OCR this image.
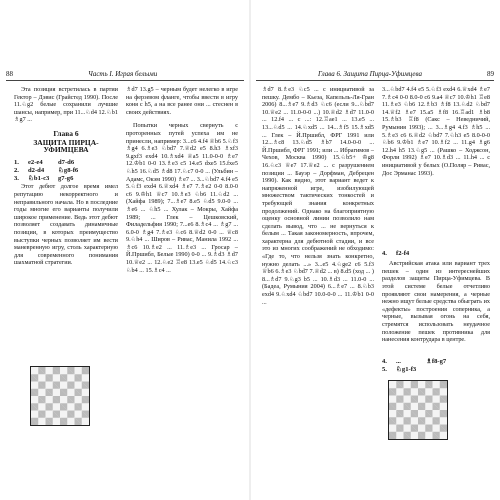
88	Часть I. Играя белыми

Эта позиция встретилась в партии Гектор – Дэвис (Грайстед 1990). После 11.♘g2 белые сохранили лучшие шансы, например, при 11...♘d4 12.♘b1 ♗g7 ...

Глава 6
ЗАЩИТА ПИРЦА-УФИМЦЕВА
1.	e2-e4	d7-d6
2.	d2-d4	♘g8-f6
3.	♘b1-c3	g7-g6

Этот дебют долгое время имел репутацию некорректного и неправильного начала. Но в последние годы многие его варианты получили широкое применение. Ведь этот дебют позволяет создавать динамичные позиции, в которых преимущество выступки черных позволяет им вести маневренную игру, столь характерную для современного понимания шахматной стратегии.

♗d7 13.g5 – черным будет нелегко в игре на ферзевом фланге, чтобы ввести в игру коня с h5, а на все ранее они ... стеснен в своих действиях.

Попытки черных свернуть с проторенных путей успеха им не принесли, например: 3...c6 4.f4 ♕b6 5.♘f3 ♗g4 6.♗e3 ♘bd7 7.♕d2 e5 8.h3 ♗xf3 9.gxf3 exd4 10.♗xd4 ♕a5 11.0-0-0 ♗e7 12.♔b1 0-0 13.♗e3 c5 14.e5 dxe5 15.fxe5 ♘h5 16.♘d5 ♗d8 17.♘c7 0-0 ... (Ульбин – Адамс, Окэм 1990) ♗e7 ... 3...♘bd7 4.f4 e5 5.♘f3 exd4 6.♕xd4 ♗e7 7.♗e2 0-0 8.0-0 c6 9.♔h1 ♕c7 10.♗e3 ♘b6 11.♘d2 ... (Хайфа 1989); 7...♗e7 8.e5 ♘d5 9.0-0 ... ♗e6 ... ♘h5 ... Хулак – Мокры, Хайфа 1989; ... Глек – Цешковский, Филадельфия 1990; 7...e6 8.♗c4 ... ♗g7 ... 6.0-0 ♗g4 7.♗e3 ♘c6 8.♕d2 0-0 ... ♕c8 9.♘h4 ... Широв – Ривас, Манила 1992 ... ♗c6 10.♗e2 ... 11.♗e3 ... Гросар – Й.Пршибл, Белые 1990) 0-0 ... 9.♗d3 ♗d7 10.♕e2 ... 12.♘e2 ♖e8 13.e5 ♘d5 14.♘c3 ♘b4 ... 15.♗c4 ...

Глава 6. Защита Пирца-Уфимцева	89

♗d7 8.♗e3 ♘c5 ... c инициативой за пешку. Дембо – Кьеза, Капельль-Ля-Гран 2006) 8...♗e7 9.♗d3 ♘c6 (если 9...♘bd7 10.♕e2 ... 11.0-0-0 ...) 10.♕d2 ♗d7 11.0-0 ... 12.f4 ... с ...: 12.♖ae1 ... 13.e5 ... 13...♘d5 ... 14.♘xd5 ... 14...♗f5 15.♗xd5 ... Глек – Й.Пршибл, ФРГ 1991 или 12...♗c8 13.♘d5 ♗b7 14.0-0-0 ... Й.Пршибл, ФРГ 1991; или ... Ибрагимов – Чехов, Москва 1990) 15.♘b5+ ♔g8 16.♘c3 ♕e7 17.♕e2 ... c разрушением позиции ... Бауэр – Дорфман, Дебрецен 1990). Как видно, этот вариант ведет к напряженной игре, изобилующей множеством тактических тонкостей и требующей знания конкретных продолжений. Однако на благоприятную оценку основной линии позволило нам сделать вывод, что ... не вернуться к белым ... Такая закономерность, впрочем, характерна для дебютной стадии, и все это из многих соображений не обходимо: «Где то, что нельзя знать конкретно, нужно делать ...» 3...e5 4.♘ge2 c6 5.f3 ♕b6 6.♗e3 ♘bd7 7.♕d2 ... в) 8.d5 (ход ... ) 8...♗d7 9.♘g3 b5 ... 10.♗d3 ... 11.0-0 ... (Бадеа, Румыния 2004) 6...♗e7 ... 8.♘b3 exd4 9.♘xd4 ♘bd7 10.0-0-0 ... 11.♔b1 0-0 ...

3...♘bd7 4.f4 e5 5.♘f3 exd4 6.♕xd4 ♗e7 7.♗c4 0-0 8.0-0 c6 9.a4 ♕c7 10.♔h1 ♖e8 11.♗e3 ♘b6 12.♗b3 ♗f8 13.♘d2 ♘bd7 14.♕f2 ♗e7 15.a5 ♗f8 16.♖ad1 ♗b8 15.♗b3 ♖f8 (Сакс – Неведничий, Румыния 1993); ... 3...♗g4 4.f3 ♗h5 ... 5.♗e3 c6 6.♕d2 ♘bd7 7.♘h3 e5 8.0-0-0 ♘b6 9.♔b1 ♗e7 10.♗f2 ... 11.g4 ♗g6 12.h4 h5 13.♘g5 ... (Рашко – Ходжсон, Форли 1992) ♗e7 10.♗d3 ... 11.h4 ... с инициативой у белых (О.Поляр – Ривас, Дос Эрманас 1993).

4.	f2-f4

Австрийская атака или вариант трех пешек – один из интереснейших разделов защиты Пирца-Уфимцева. В этой системе белые отчетливо проявляют свои намерения, а черные нежно ищут белые средства обыграть их «дефекты» построения соперника, а черные, вызывая огонь на себя, стремятся использовать неудачное положение пешек противника для нанесения контрудара в центре.

4.	...	♗f8-g7
5.	♘g1-f3
